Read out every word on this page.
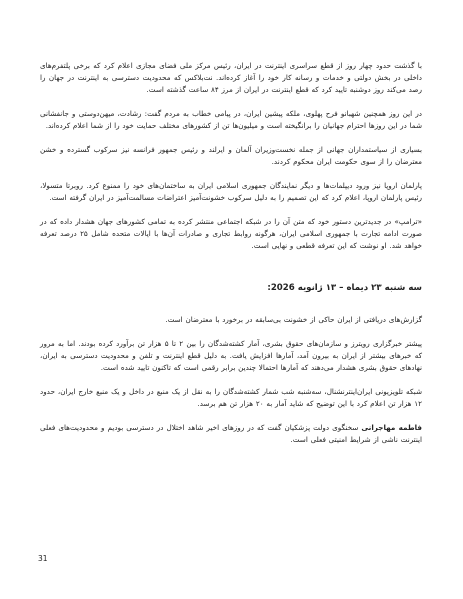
با گذشت حدود چهار روز از قطع سراسری اینترنت در ایران، رئیس مرکز ملی فضای مجازی اعلام کرد که برخی پلتفرم‌های داخلی در بخش دولتی و خدمات و رسانه کار خود را آغاز کرده‌اند. نت‌بلاکس که محدودیت دسترسی به اینترنت در جهان را رصد می‌کند روز دوشنبه تایید کرد که قطع اینترنت در ایران از مرز ۸۴ ساعت گذشته است.

در این روز همچنین شهبانو فرح پهلوی، ملکه پیشین ایران، در پیامی خطاب به مردم گفت: رشادت، میهن‌دوستی و جانفشانی شما در این روزها احترام جهانیان را برانگیخته است و میلیون‌ها تن از کشورهای مختلف حمایت خود را از شما اعلام کرده‌اند.

بسیاری از سیاستمداران جهانی از جمله نخست‌وزیران آلمان و ایرلند و رئیس جمهور فرانسه نیز سرکوب گسترده و خشن معترضان را از سوی حکومت ایران محکوم کردند.

پارلمان اروپا نیز ورود دیپلمات‌ها و دیگر نمایندگان جمهوری اسلامی ایران به ساختمان‌های خود را ممنوع کرد. روبرتا متسولا، رئیس پارلمان اروپا، اعلام کرد که این تصمیم را به دلیل سرکوب خشونت‌آمیز اعتراضات مسالمت‌آمیز در ایران گرفته است.

«ترامپ» در جدیدترین دستور خود که متن آن را در شبکه اجتماعی منتشر کرده به تمامی کشورهای جهان هشدار داده که در صورت ادامه تجارت با جمهوری اسلامی ایران، هرگونه روابط تجاری و صادرات آن‌ها با ایالات متحده شامل ۲۵ درصد تعرفه خواهد شد. او نوشت که این تعرفه قطعی و نهایی است.

سه شنبه ۲۳ دیماه – ۱۳ ژانویه 2026:

گزارش‌های دریافتی از ایران حاکی از خشونت بی‌سابقه در برخورد با معترضان است.

پیشتر خبرگزاری رویترز و سازمان‌های حقوق بشری، آمار کشته‌شدگان را بین ۲ تا ۵ هزار تن برآورد کرده بودند. اما به مرور که خبرهای بیشتر از ایران به بیرون آمد، آمارها افزایش یافت. به دلیل قطع اینترنت و تلفن و محدودیت دسترسی به ایران، نهادهای حقوق بشری هشدار می‌دهند که آمارها احتمالا چندین برابر رقمی است که تاکنون تایید شده است.

شبکه تلویزیونی ایران‌اینترنشنال، سه‌شنبه شب شمار کشته‌شدگان را به نقل از یک منبع در داخل و یک منبع خارج ایران، حدود ۱۲ هزار تن اعلام کرد با این توضیح که شاید آمار به ۲۰ هزار تن هم برسد.

فاطمه مهاجرانی سخنگوی دولت پزشکیان گفت که در روزهای اخیر شاهد اختلال در دسترسی بودیم و محدودیت‌های فعلی اینترنت ناشی از شرایط امنیتی فعلی است.

31
